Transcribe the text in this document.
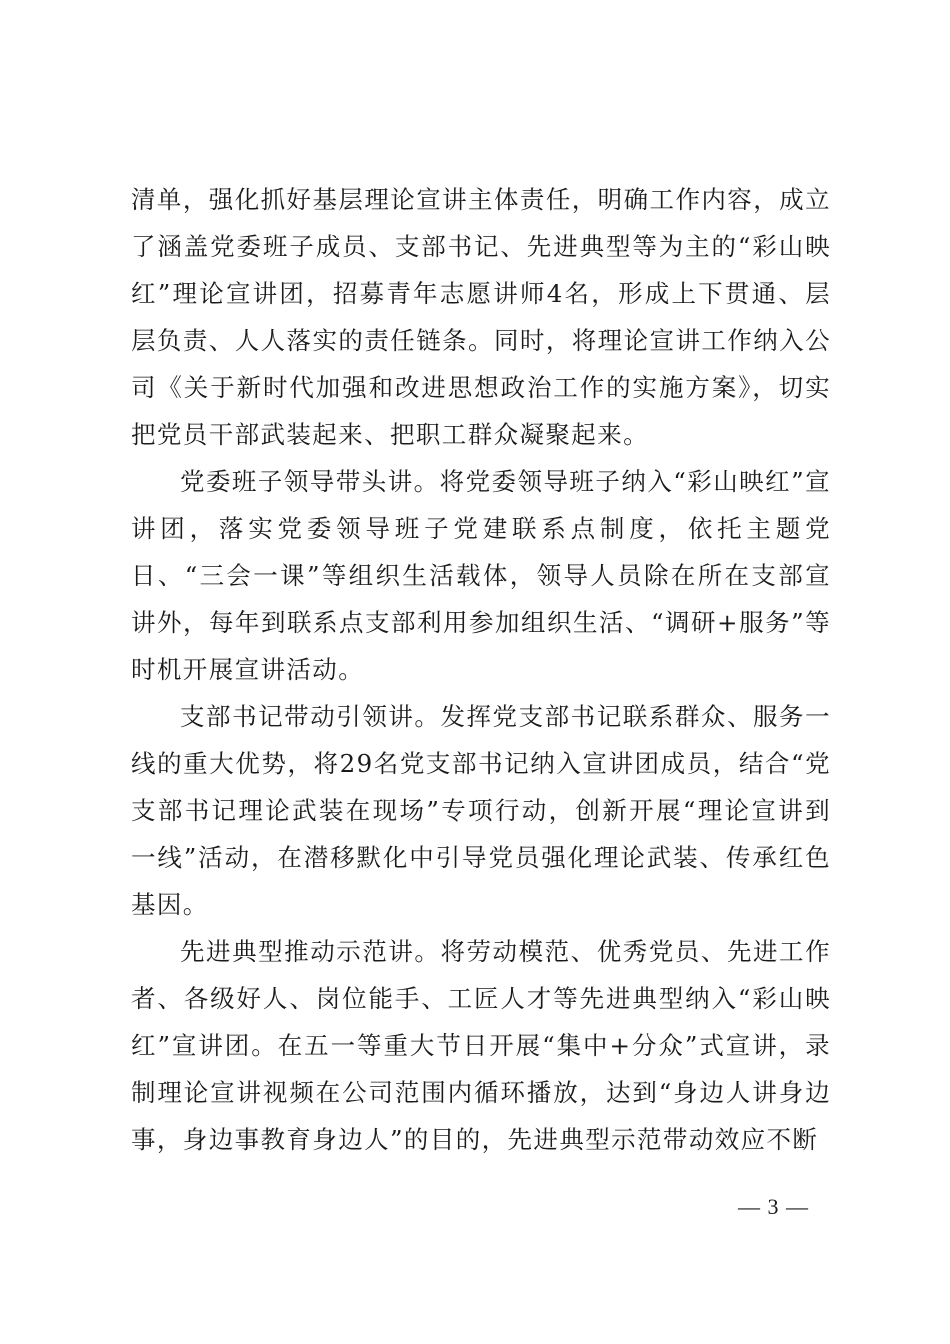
清单，强化抓好基层理论宣讲主体责任，明确工作内容，成立了涵盖党委班子成员、支部书记、先进典型等为主的“彩山映红”理论宣讲团，招募青年志愿讲师4名，形成上下贯通、层层负责、人人落实的责任链条。同时，将理论宣讲工作纳入公司《关于新时代加强和改进思想政治工作的实施方案》，切实把党员干部武装起来、把职工群众凝聚起来。

党委班子领导带头讲。将党委领导班子纳入“彩山映红”宣讲团，落实党委领导班子党建联系点制度，依托主题党日、“三会一课”等组织生活载体，领导人员除在所在支部宣讲外，每年到联系点支部利用参加组织生活、“调研+服务”等时机开展宣讲活动。

支部书记带动引领讲。发挥党支部书记联系群众、服务一线的重大优势，将29名党支部书记纳入宣讲团成员，结合“党支部书记理论武装在现场”专项行动，创新开展“理论宣讲到一线”活动，在潜移默化中引导党员强化理论武装、传承红色基因。

先进典型推动示范讲。将劳动模范、优秀党员、先进工作者、各级好人、岗位能手、工匠人才等先进典型纳入“彩山映红”宣讲团。在五一等重大节日开展“集中+分众”式宣讲，录制理论宣讲视频在公司范围内循环播放，达到“身边人讲身边事，身边事教育身边人”的目的，先进典型示范带动效应不断

— 3 —
